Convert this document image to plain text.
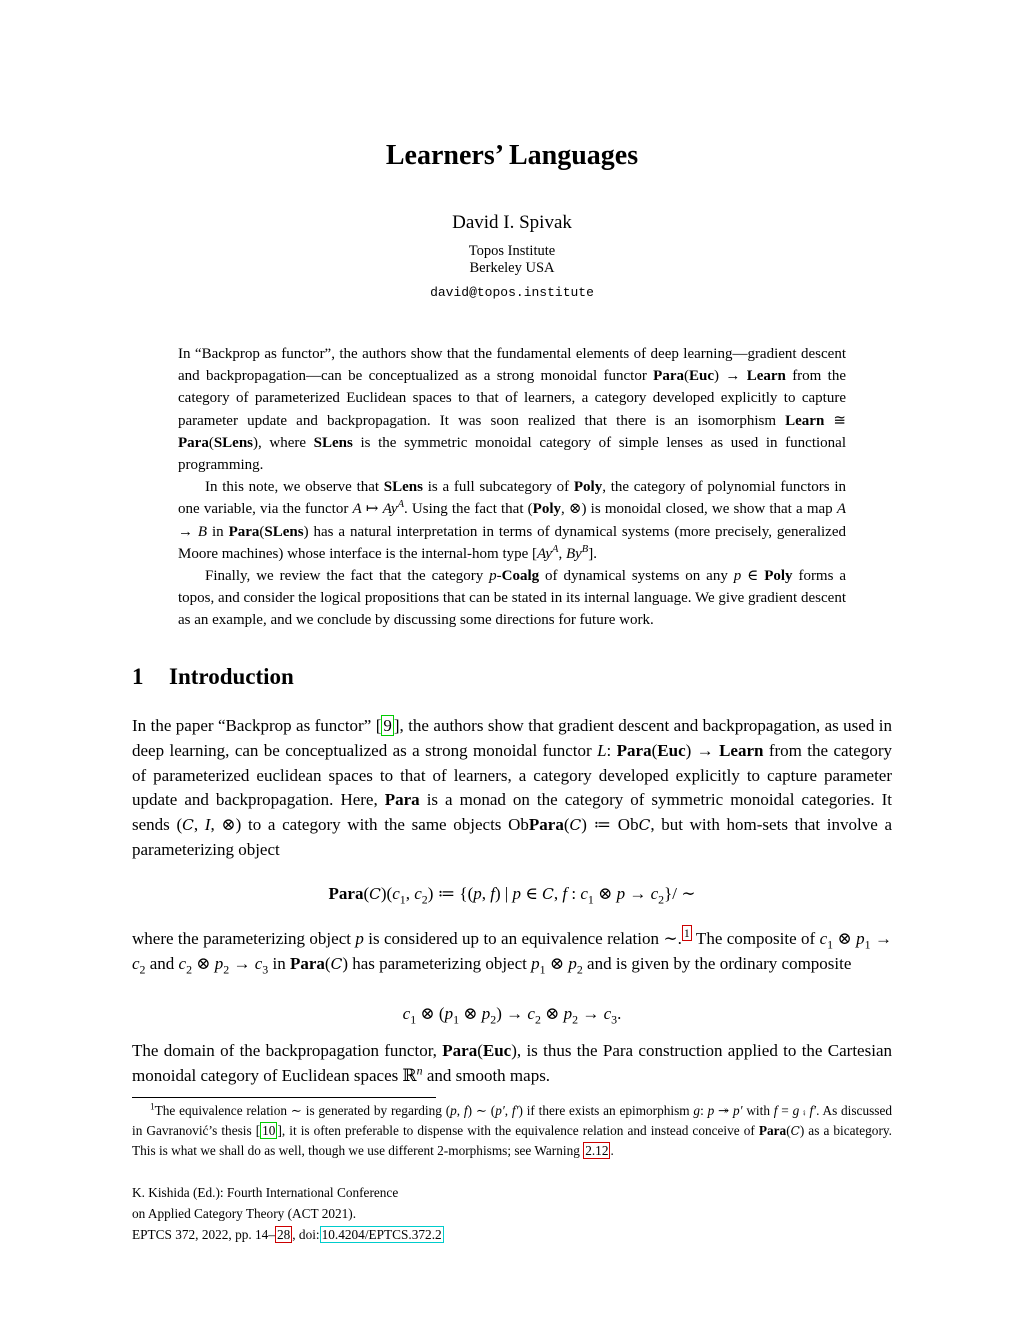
Learners’ Languages
David I. Spivak
Topos Institute
Berkeley USA
david@topos.institute

In “Backprop as functor”, the authors show that the fundamental elements of deep learning—gradient descent and backpropagation—can be conceptualized as a strong monoidal functor Para(Euc) → Learn from the category of parameterized Euclidean spaces to that of learners, a category developed explicitly to capture parameter update and backpropagation. It was soon realized that there is an isomorphism Learn ≅ Para(SLens), where SLens is the symmetric monoidal category of simple lenses as used in functional programming.

In this note, we observe that SLens is a full subcategory of Poly, the category of polynomial functors in one variable, via the functor A ↦ $Ay^A$. Using the fact that (Poly, ⊗) is monoidal closed, we show that a map A → B in Para(SLens) has a natural interpretation in terms of dynamical systems (more precisely, generalized Moore machines) whose interface is the internal-hom type [$Ay^A$, $By^B$].

Finally, we review the fact that the category p-Coalg of dynamical systems on any p ∈ Poly forms a topos, and consider the logical propositions that can be stated in its internal language. We give gradient descent as an example, and we conclude by discussing some directions for future work.

1 Introduction

In the paper “Backprop as functor” [ 9 ], the authors show that gradient descent and backpropagation, as used in deep learning, can be conceptualized as a strong monoidal functor L: Para(Euc) → Learn from the category of parameterized euclidean spaces to that of learners, a category developed explicitly to capture parameter update and backpropagation. Here, Para is a monad on the category of symmetric monoidal categories. It sends (C, I, ⊗) to a category with the same objects ObPara(C) ≔ ObC, but with hom-sets that involve a parameterizing object

$Para(C)(c_1$, $c_2$) ≔ {(p, f) | p ∈ C, f : $c_1$ ⊗ $p \to c_2\}/$ ∼

where the parameterizing object p is considered up to an equivalence relation ∼. $^1$ The composite of $c_1$ ⊗ $p_1 \to c_2$ and $c_2$ ⊗ $p_2 \to c_3$ in Para(C) has parameterizing object $p_1$ ⊗ $p_2$ and is given by the ordinary composite

$c_1$ ⊗ ($p_1$ ⊗ $p_2) \to c_2$ ⊗ $p_2 \to c_3$.

The domain of the backpropagation functor, Para(Euc), is thus the Para construction applied to the Cartesian monoidal category of Euclidean spaces ℝ$^n$ and smooth maps.

$^1$The equivalence relation ∼ is generated by regarding (p, f) ∼ (p′, f′) if there exists an epimorphism g: p ↠ p′ with f = g ⨾ f′. As discussed in Gavranović’s thesis [ 10 ], it is often preferable to dispense with the equivalence relation and instead conceive of Para(C) as a bicategory. This is what we shall do as well, though we use different 2-morphisms; see Warning 2.12 .

K. Kishida (Ed.): Fourth International Conference
on Applied Category Theory (ACT 2021).
EPTCS 372, 2022, pp. 14– 28 , doi: 10.4204/EPTCS.372.2
